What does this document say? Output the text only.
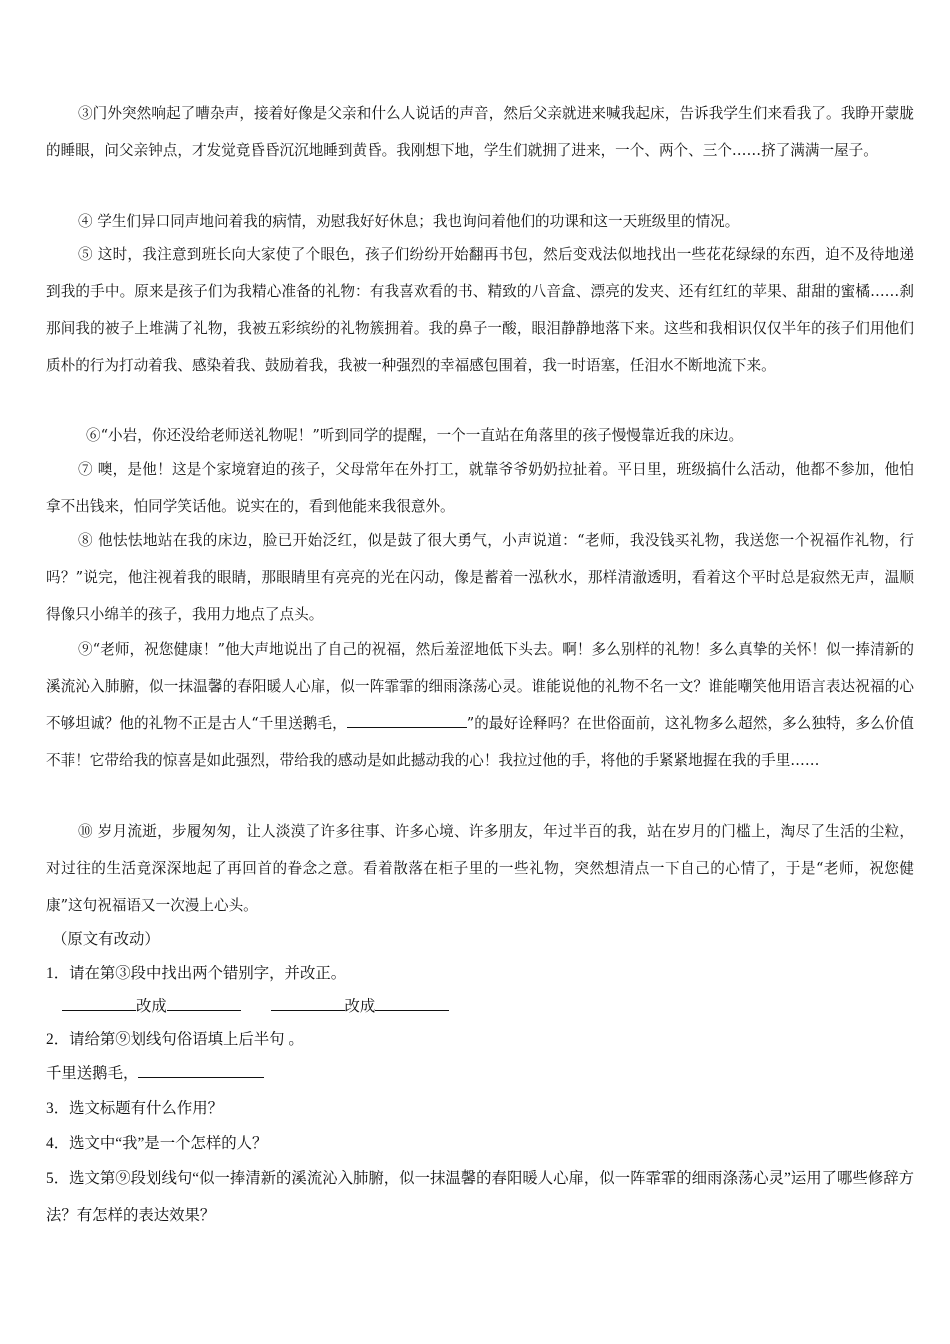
③门外突然响起了嘈杂声，接着好像是父亲和什么人说话的声音，然后父亲就进来喊我起床，告诉我学生们来看我了。我睁开蒙胧的睡眼，问父亲钟点，才发觉竟昏昏沉沉地睡到黄昏。我刚想下地，学生们就拥了进来，一个、两个、三个……挤了满满一屋子。
④ 学生们异口同声地问着我的病情，劝慰我好好休息；我也询问着他们的功课和这一天班级里的情况。
⑤ 这时，我注意到班长向大家使了个眼色，孩子们纷纷开始翻再书包，然后变戏法似地找出一些花花绿绿的东西，迫不及待地递到我的手中。原来是孩子们为我精心准备的礼物：有我喜欢看的书、精致的八音盒、漂亮的发夹、还有红红的苹果、甜甜的蜜橘……刹那间我的被子上堆满了礼物，我被五彩缤纷的礼物簇拥着。我的鼻子一酸，眼泪静静地落下来。这些和我相识仅仅半年的孩子们用他们质朴的行为打动着我、感染着我、鼓励着我，我被一种强烈的幸福感包围着，我一时语塞，任泪水不断地流下来。
⑥“小岩，你还没给老师送礼物呢！”听到同学的提醒，一个一直站在角落里的孩子慢慢靠近我的床边。
⑦ 噢，是他！这是个家境窘迫的孩子，父母常年在外打工，就靠爷爷奶奶拉扯着。平日里，班级搞什么活动，他都不参加，他怕拿不出钱来，怕同学笑话他。说实在的，看到他能来我很意外。
⑧ 他怯怯地站在我的床边，脸已开始泛红，似是鼓了很大勇气，小声说道：“老师，我没钱买礼物，我送您一个祝福作礼物，行吗？”说完，他注视着我的眼睛，那眼睛里有亮亮的光在闪动，像是蓄着一泓秋水，那样清澈透明，看着这个平时总是寂然无声，温顺得像只小绵羊的孩子，我用力地点了点头。
⑨“老师，祝您健康！”他大声地说出了自己的祝福，然后羞涩地低下头去。啊！多么别样的礼物！多么真挚的关怀！似一捧清新的溪流沁入肺腑，似一抹温馨的春阳暖人心扉，似一阵霏霏的细雨涤荡心灵。谁能说他的礼物不名一文？谁能嘲笑他用语言表达祝福的心不够坦诚？他的礼物不正是古人“千里送鹅毛，	”的最好诠释吗？在世俗面前，这礼物多么超然，多么独特，多么价值不菲！它带给我的惊喜是如此强烈，带给我的感动是如此撼动我的心！我拉过他的手，将他的手紧紧地握在我的手里……
⑩ 岁月流逝，步履匆匆，让人淡漠了许多往事、许多心境、许多朋友，年过半百的我，站在岁月的门槛上，淘尽了生活的尘粒，对过往的生活竟深深地起了再回首的眷念之意。看着散落在柜子里的一些礼物，突然想清点一下自己的心情了，于是“老师，祝您健康”这句祝福语又一次漫上心头。
（原文有改动）
1．请在第③段中找出两个错别字，并改正。
改成	改成
2．请给第⑨划线句俗语填上后半句 。
千里送鹅毛，
3．选文标题有什么作用？
4．选文中“我”是一个怎样的人？
5．选文第⑨段划线句“似一捧清新的溪流沁入肺腑，似一抹温馨的春阳暖人心扉，似一阵霏霏的细雨涤荡心灵”运用了哪些修辞方法？有怎样的表达效果？
